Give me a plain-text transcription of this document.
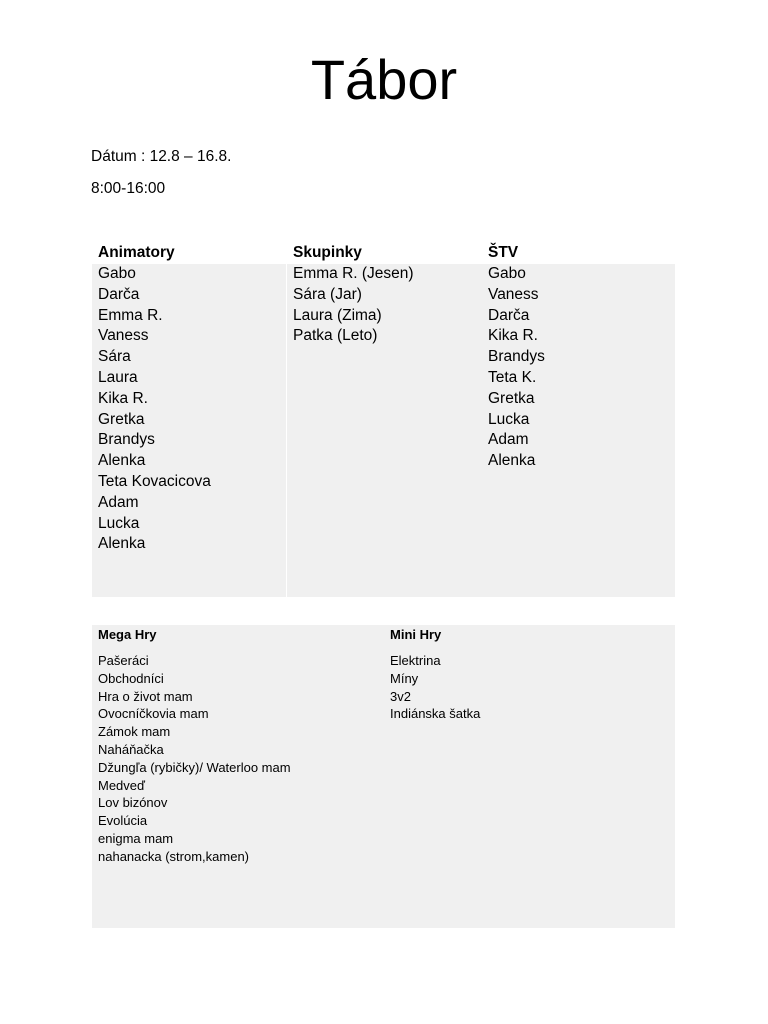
Tábor
Dátum : 12.8 – 16.8.
8:00-16:00
Animatory
Gabo
Darča
Emma R.
Vaness
Sára
Laura
Kika R.
Gretka
Brandys
Alenka
Teta Kovacicova
Adam
Lucka
Alenka
Skupinky
Emma R. (Jesen)
Sára (Jar)
Laura (Zima)
Patka (Leto)
ŠTV
Gabo
Vaness
Darča
Kika R.
Brandys
Teta K.
Gretka
Lucka
Adam
Alenka
Mega Hry
Pašeráci
Obchodníci
Hra o život mam
Ovocníčkovia mam
Zámok mam
Naháňačka
Džungľa (rybičky)/ Waterloo mam
Medveď
Lov bizónov
Evolúcia
enigma mam
nahanacka (strom,kamen)
Mini Hry
Elektrina
Míny
3v2
Indiánska šatka
